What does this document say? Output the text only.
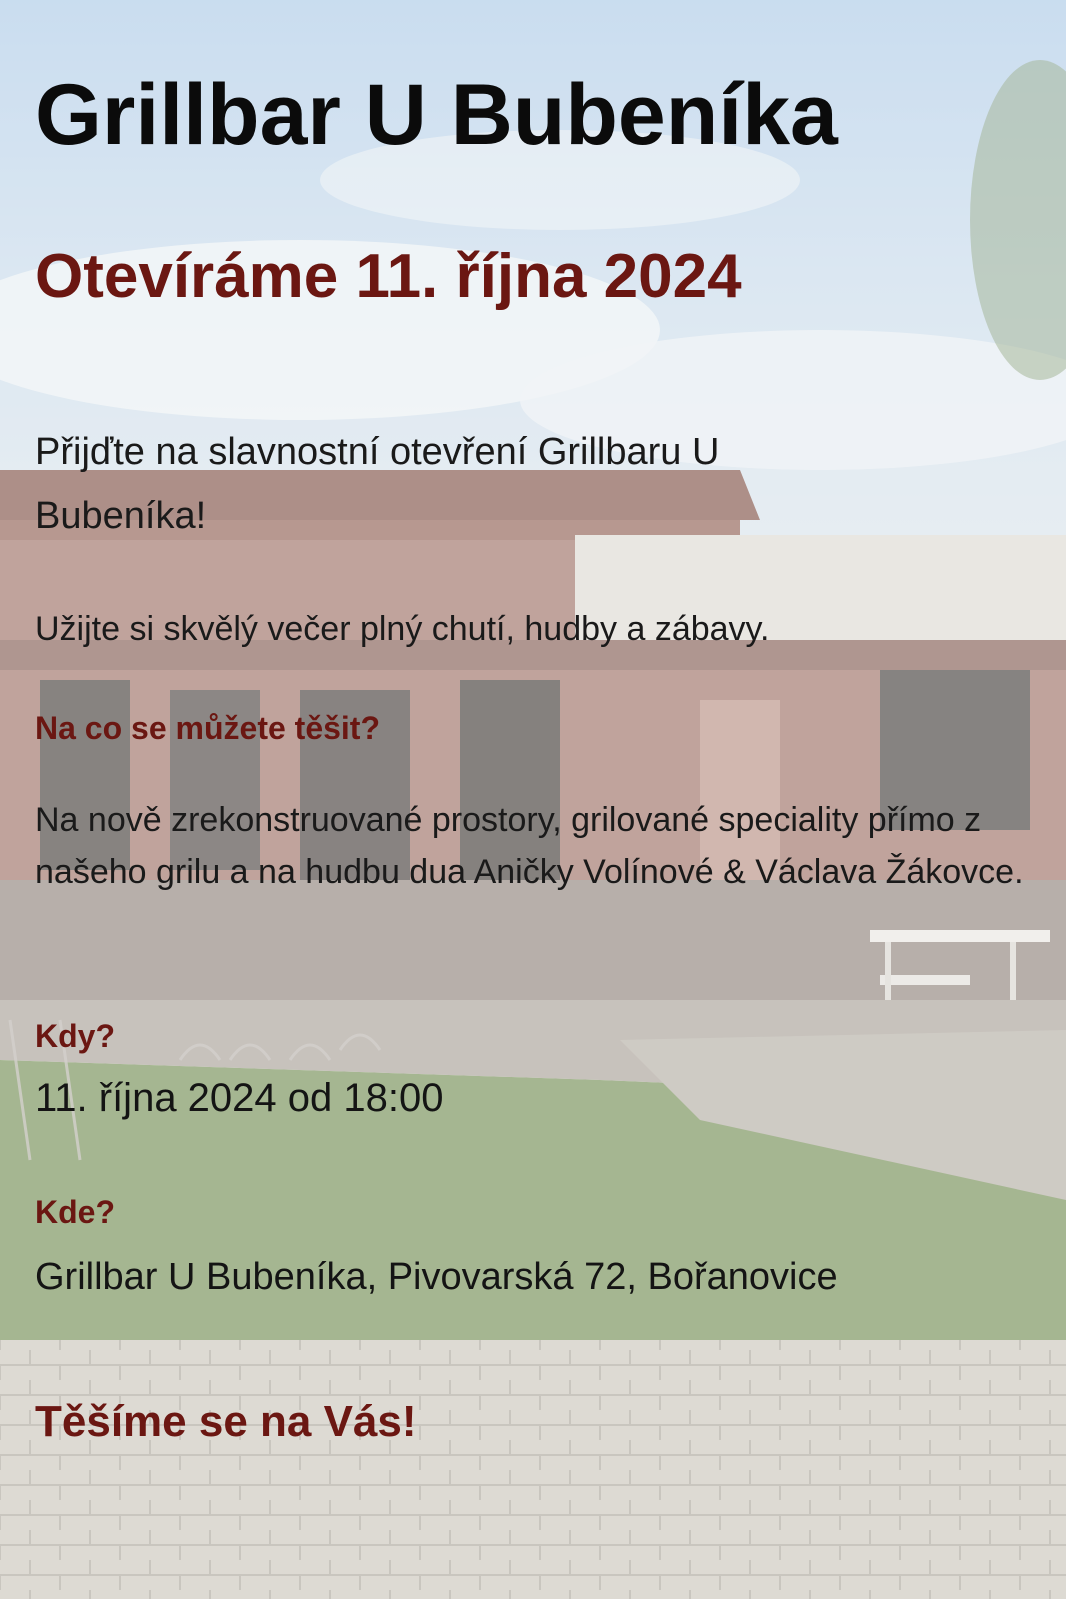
Grillbar U Bubeníka
Otevíráme 11. října 2024

Přijďte na slavnostní otevření Grillbaru U Bubeníka!

Užijte si skvělý večer plný chutí, hudby a zábavy.

Na co se můžete těšit?

Na nově zrekonstruované prostory, grilované speciality přímo z našeho grilu a na hudbu dua Aničky Volínové & Václava Žákovce.

Kdy?

11. října 2024 od 18:00

Kde?

Grillbar U Bubeníka, Pivovarská 72, Bořanovice

Těšíme se na Vás!
